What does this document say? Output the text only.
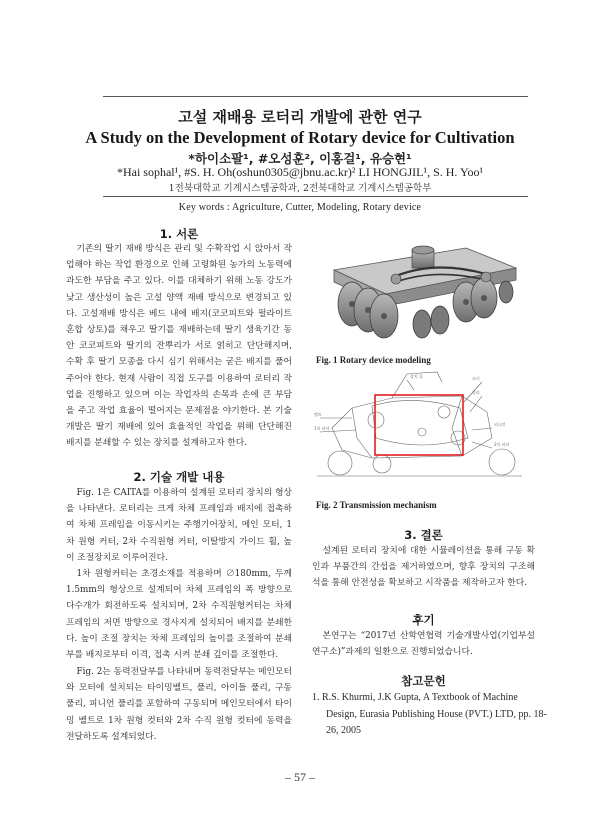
고설 재배용 로터리 개발에 관한 연구
A Study on the Development of Rotary device for Cultivation
*하이소팔¹, #오성훈², 이홍걸¹, 유승현¹
*Hai sophal¹, #S. H. Oh(oshun0305@jbnu.ac.kr)² LI HONGJIL¹, S. H. Yoo¹
1전북대학교 기계시스템공학과, 2전북대학교 기계시스템공학부
Key words : Agriculture, Cutter, Modeling, Rotary device
1. 서론

기존의 딸기 재배 방식은 관리 및 수확작업 시 앉아서 작업해야 하는 작업 환경으로 인해 고령화된 농가의 노동력에 과도한 부담을 주고 있다. 이를 대체하기 위해 노동 강도가 낮고 생산성이 높은 고설 양액 재배 방식으로 변경되고 있다. 고설재배 방식은 베드 내에 배지(코코피트와 펄라이트 혼합 상토)를 채우고 딸기를 재배하는데 딸기 생육기간 동안 코코피트와 딸기의 잔뿌리가 서로 얽히고 단단해지며, 수확 후 딸기 모종을 다시 심기 위해서는 굳은 배지를 풀어주어야 한다. 현재 사람이 직접 도구를 이용하여 로터리 작업을 진행하고 있으며 이는 작업자의 손목과 손에 큰 부담을 주고 작업 효율이 떨어지는 문제점을 야기한다. 본 기술 개발은 딸기 재배에 있어 효율적인 작업을 위해 단단해진 배지를 분쇄할 수 있는 장치를 설계하고자 한다.

2. 기술 개발 내용

Fig. 1은 CAITA를 이용하여 설계된 로터리 장치의 형상을 나타낸다. 로터리는 크게 차체 프레임과 배지에 접촉하여 차체 프레임을 이동시키는 주행기어장치, 메인 모터, 1차 원형 커터, 2차 수직원형 커터, 이탈방지 가이드 휠, 높이 조절장치로 이루어진다.

1차 원형커터는 초경소재를 적용하며 ∅180mm, 두께 1.5mm의 형상으로 설계되어 차체 프레임의 폭 방향으로 다수개가 회전하도록 설치되며, 2차 수직원형커터는 차체 프레임의 저면 방향으로 경사지게 설치되어 배지를 분쇄한다. 높이 조절 장치는 차체 프레임의 높이를 조절하여 분쇄부를 배지로부터 이격, 접촉 시켜 분쇄 깊이를 조절한다.

Fig. 2는 동력전달부를 나타내며 동력전달부는 메인모터와 모터에 설치되는 타이밍벨트, 풀리, 아이들 풀리, 구동 풀리, 피니언 풀리를 포함하여 구동되며 메인모터에서 타이밍 벨트로 1차 원형 컷터와 2차 수직 원형 컷터에 동력을 전달하도록 설계되었다.

Fig. 1 Rotary device modeling
장치 틀	모터
풀리
벨트
1차 커터
피니언
2차 커터
Fig. 2 Transmission mechanism
3. 결론

설계된 로터리 장치에 대한 시뮬레이션을 통해 구동 확인과 부품간의 간섭을 제거하였으며, 향후 장치의 구조해석을 통해 안전성을 확보하고 시작품을 제작하고자 한다.

후기

본연구는 “2017년 산학연협력 기술개발사업(기업부설연구소)”과제의 일환으로 진행되었습니다.

참고문헌

1. R.S. Khurmi, J.K Gupta, A Textbook of Machine Design, Eurasia Publishing House (PVT.) LTD, pp. 18-26, 2005

– 57 –
